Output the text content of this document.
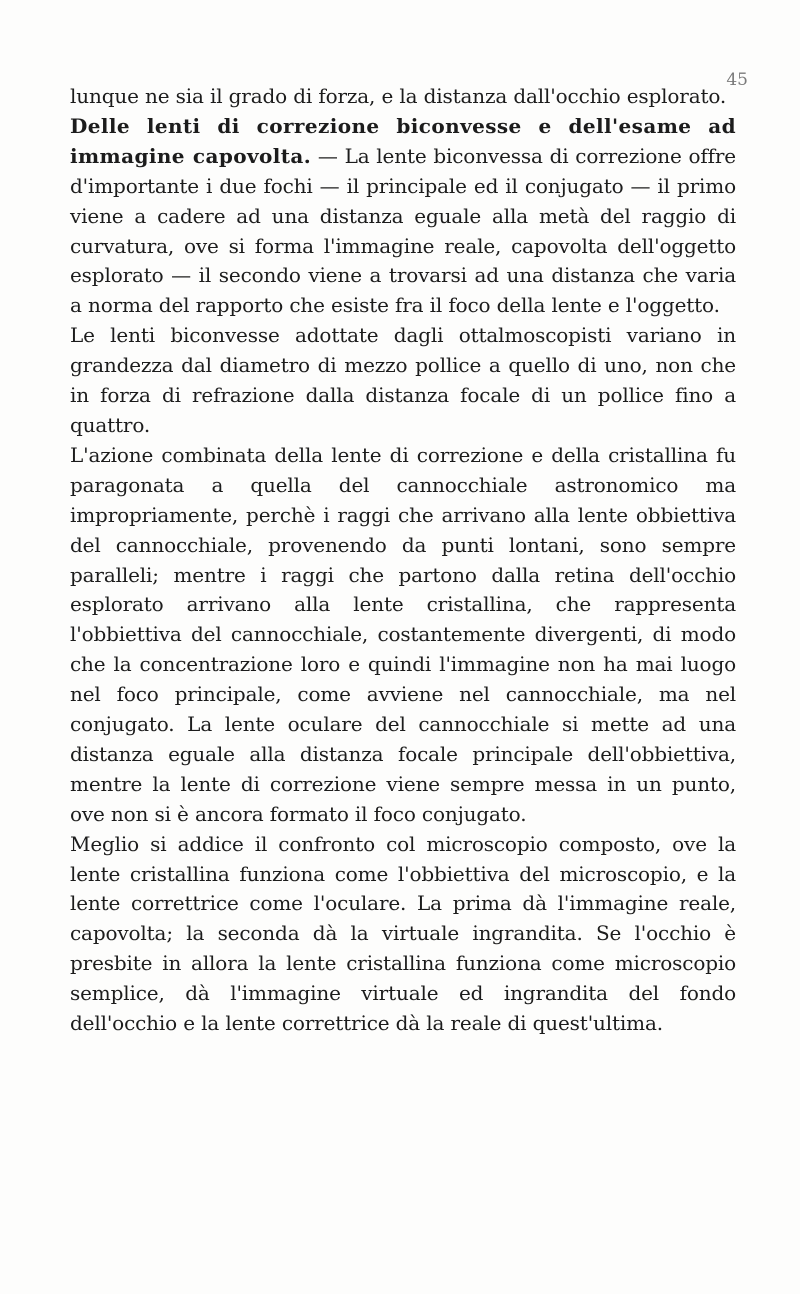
45

lunque ne sia il grado di forza, e la distanza dall'occhio esplorato.

Delle lenti di correzione biconvesse e dell'esame ad immagine capovolta. — La lente biconvessa di correzione offre d'importante i due fochi — il principale ed il conjugato — il primo viene a cadere ad una distanza eguale alla metà del raggio di curvatura, ove si forma l'immagine reale, capovolta dell'oggetto esplorato — il secondo viene a trovarsi ad una distanza che varia a norma del rapporto che esiste fra il foco della lente e l'oggetto.

Le lenti biconvesse adottate dagli ottalmoscopisti variano in grandezza dal diametro di mezzo pollice a quello di uno, non che in forza di refrazione dalla distanza focale di un pollice fino a quattro.

L'azione combinata della lente di correzione e della cristallina fu paragonata a quella del cannocchiale astronomico ma impropriamente, perchè i raggi che arrivano alla lente obbiettiva del cannocchiale, provenendo da punti lontani, sono sempre paralleli; mentre i raggi che partono dalla retina dell'occhio esplorato arrivano alla lente cristallina, che rappresenta l'obbiettiva del cannocchiale, costantemente divergenti, di modo che la concentrazione loro e quindi l'immagine non ha mai luogo nel foco principale, come avviene nel cannocchiale, ma nel conjugato. La lente oculare del cannocchiale si mette ad una distanza eguale alla distanza focale principale dell'obbiettiva, mentre la lente di correzione viene sempre messa in un punto, ove non si è ancora formato il foco conjugato.

Meglio si addice il confronto col microscopio composto, ove la lente cristallina funziona come l'obbiettiva del microscopio, e la lente correttrice come l'oculare. La prima dà l'immagine reale, capovolta; la seconda dà la virtuale ingrandita. Se l'occhio è presbite in allora la lente cristallina funziona come microscopio semplice, dà l'immagine virtuale ed ingrandita del fondo dell'occhio e la lente correttrice dà la reale di quest'ultima.
